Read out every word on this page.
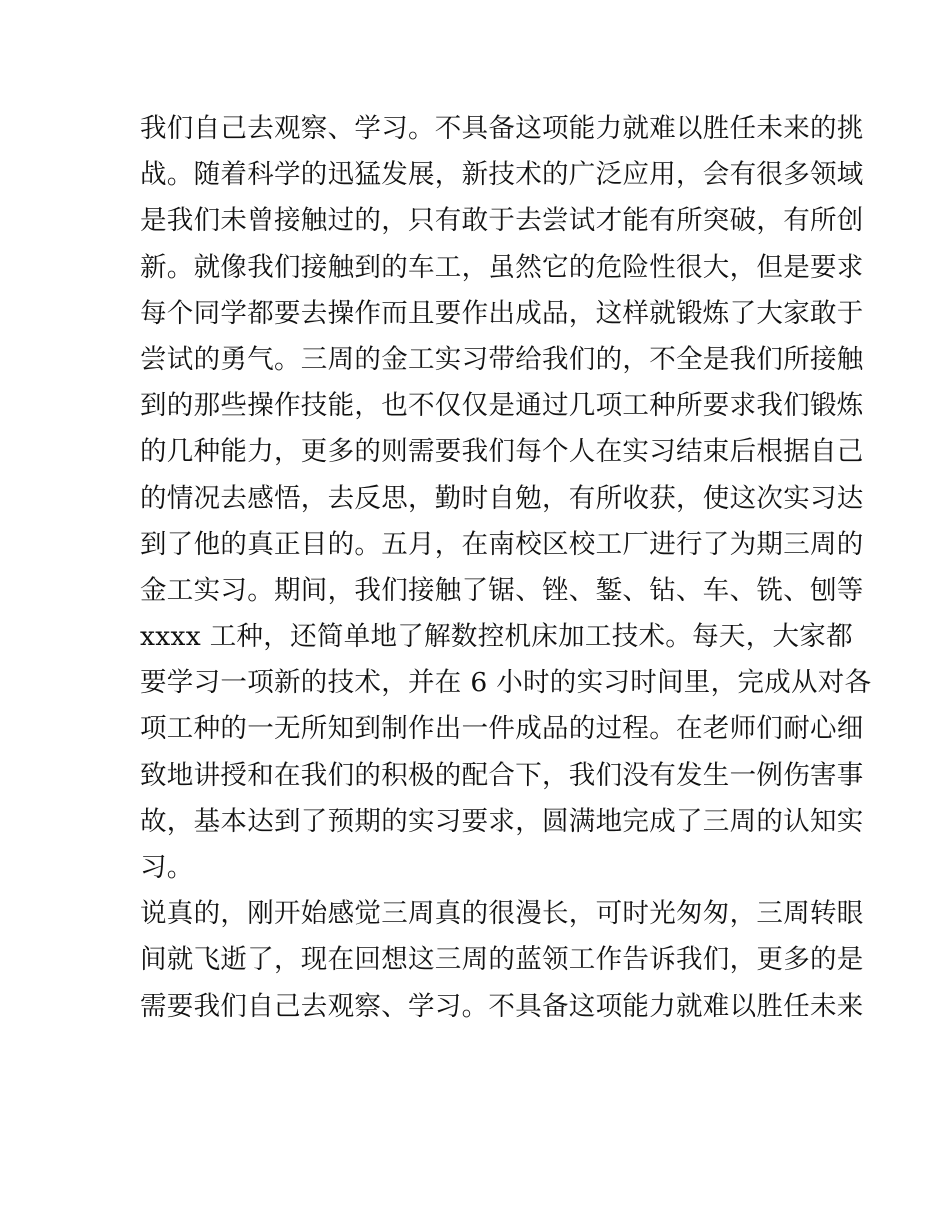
我们自己去观察、学习。不具备这项能力就难以胜任未来的挑
战。随着科学的迅猛发展，新技术的广泛应用，会有很多领域
是我们未曾接触过的，只有敢于去尝试才能有所突破，有所创
新。就像我们接触到的车工，虽然它的危险性很大，但是要求
每个同学都要去操作而且要作出成品，这样就锻炼了大家敢于
尝试的勇气。三周的金工实习带给我们的，不全是我们所接触
到的那些操作技能，也不仅仅是通过几项工种所要求我们锻炼
的几种能力，更多的则需要我们每个人在实习结束后根据自己
的情况去感悟，去反思，勤时自勉，有所收获，使这次实习达
到了他的真正目的。五月，在南校区校工厂进行了为期三周的
金工实习。期间，我们接触了锯、锉、錾、钻、车、铣、刨等
xxxx 工种，还简单地了解数控机床加工技术。每天，大家都
要学习一项新的技术，并在 6 小时的实习时间里，完成从对各
项工种的一无所知到制作出一件成品的过程。在老师们耐心细
致地讲授和在我们的积极的配合下，我们没有发生一例伤害事
故，基本达到了预期的实习要求，圆满地完成了三周的认知实
习。
说真的，刚开始感觉三周真的很漫长，可时光匆匆，三周转眼
间就飞逝了，现在回想这三周的蓝领工作告诉我们，更多的是
需要我们自己去观察、学习。不具备这项能力就难以胜任未来
